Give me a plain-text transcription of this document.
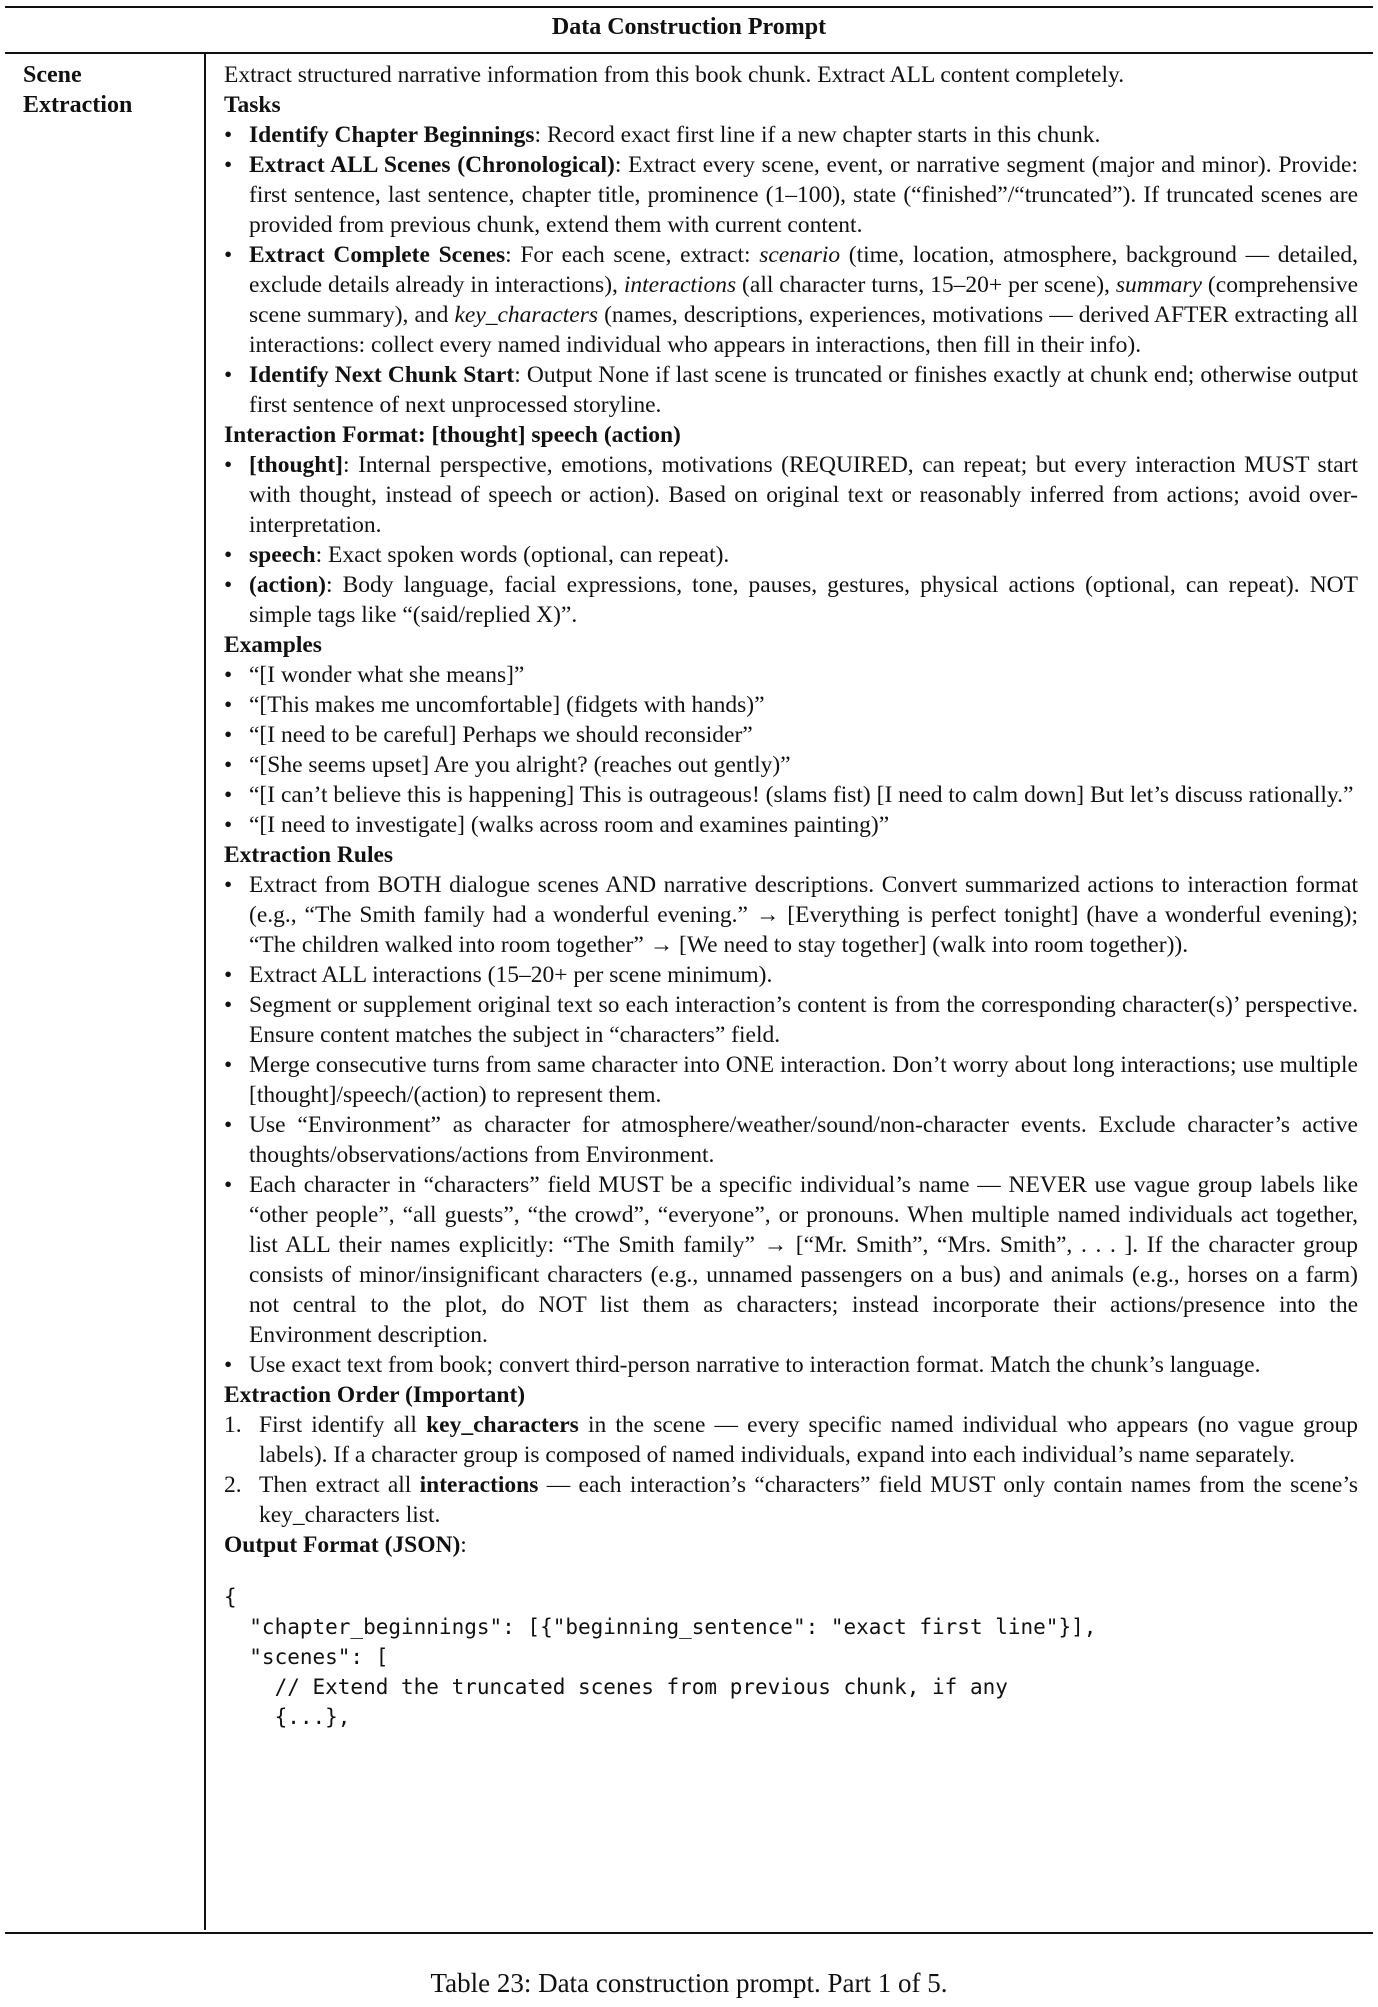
Data Construction Prompt
Scene
Extraction

Extract structured narrative information from this book chunk. Extract ALL content completely.

Tasks
• Identify Chapter Beginnings: Record exact first line if a new chapter starts in this chunk.
• Extract ALL Scenes (Chronological): Extract every scene, event, or narrative segment (major and minor). Provide: first sentence, last sentence, chapter title, prominence (1–100), state (“finished”/“truncated”). If truncated scenes are provided from previous chunk, extend them with current content.
• Extract Complete Scenes: For each scene, extract: scenario (time, location, atmosphere, background — detailed, exclude details already in interactions), interactions (all character turns, 15–20+ per scene), summary (comprehensive scene summary), and key_characters (names, descriptions, experiences, motivations — derived AFTER extracting all interactions: collect every named individual who appears in interactions, then fill in their info).
• Identify Next Chunk Start: Output None if last scene is truncated or finishes exactly at chunk end; otherwise output first sentence of next unprocessed storyline.
Interaction Format: [thought] speech (action)
• [thought]: Internal perspective, emotions, motivations (REQUIRED, can repeat; but every interaction MUST start with thought, instead of speech or action). Based on original text or reasonably inferred from actions; avoid over-interpretation.
• speech: Exact spoken words (optional, can repeat).
• (action): Body language, facial expressions, tone, pauses, gestures, physical actions (optional, can repeat). NOT simple tags like “(said/replied X)”.
Examples
• “[I wonder what she means]”
• “[This makes me uncomfortable] (fidgets with hands)”
• “[I need to be careful] Perhaps we should reconsider”
• “[She seems upset] Are you alright? (reaches out gently)”
• “[I can’t believe this is happening] This is outrageous! (slams fist) [I need to calm down] But let’s discuss rationally.”
• “[I need to investigate] (walks across room and examines painting)”
Extraction Rules
• Extract from BOTH dialogue scenes AND narrative descriptions. Convert summarized actions to interaction format (e.g., “The Smith family had a wonderful evening.” → [Everything is perfect tonight] (have a wonderful evening); “The children walked into room together” → [We need to stay together] (walk into room together)).
• Extract ALL interactions (15–20+ per scene minimum).
• Segment or supplement original text so each interaction’s content is from the corresponding character(s)’ perspective. Ensure content matches the subject in “characters” field.
• Merge consecutive turns from same character into ONE interaction. Don’t worry about long interactions; use multiple [thought]/speech/(action) to represent them.
• Use “Environment” as character for atmosphere/weather/sound/non-character events. Exclude character’s active thoughts/observations/actions from Environment.
• Each character in “characters” field MUST be a specific individual’s name — NEVER use vague group labels like “other people”, “all guests”, “the crowd”, “everyone”, or pronouns. When multiple named individuals act together, list ALL their names explicitly: “The Smith family” → [“Mr. Smith”, “Mrs. Smith”, . . . ]. If the character group consists of minor/insignificant characters (e.g., unnamed passengers on a bus) and animals (e.g., horses on a farm) not central to the plot, do NOT list them as characters; instead incorporate their actions/presence into the Environment description.
• Use exact text from book; convert third-person narrative to interaction format. Match the chunk’s language.
Extraction Order (Important)
1. First identify all key_characters in the scene — every specific named individual who appears (no vague group labels). If a character group is composed of named individuals, expand into each individual’s name separately.
2. Then extract all interactions — each interaction’s “characters” field MUST only contain names from the scene’s key_characters list.
Output Format (JSON):
{
"chapter_beginnings": [{"beginning_sentence": "exact first line"}],
"scenes": [
// Extend the truncated scenes from previous chunk, if any
{...},
Table 23: Data construction prompt. Part 1 of 5.
